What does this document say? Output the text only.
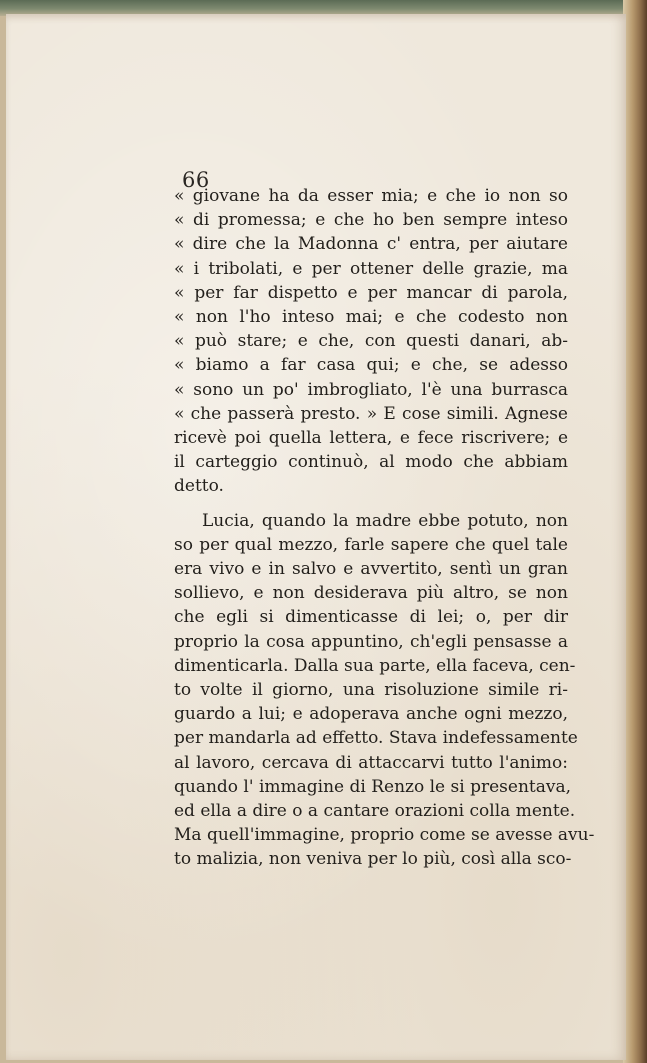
66
« giovane ha da esser mia; e che io non so
« di promessa; e che ho ben sempre inteso
« dire che la Madonna c' entra, per aiutare
« i tribolati, e per ottener delle grazie, ma
« per far dispetto e per mancar di parola,
« non l'ho inteso mai; e che codesto non
« può stare; e che, con questi danari, ab-
« biamo a far casa qui; e che, se adesso
« sono un po' imbrogliato, l'è una burrasca
« che passerà presto. » E cose simili. Agnese
ricevè poi quella lettera, e fece riscrivere; e
il carteggio continuò, al modo che abbiam
detto.
Lucia, quando la madre ebbe potuto, non
so per qual mezzo, farle sapere che quel tale
era vivo e in salvo e avvertito, sentì un gran
sollievo, e non desiderava più altro, se non
che egli si dimenticasse di lei; o, per dir
proprio la cosa appuntino, ch'egli pensasse a
dimenticarla. Dalla sua parte, ella faceva, cen-
to volte il giorno, una risoluzione simile ri-
guardo a lui; e adoperava anche ogni mezzo,
per mandarla ad effetto. Stava indefessamente
al lavoro, cercava di attaccarvi tutto l'animo:
quando l' immagine di Renzo le si presentava,
ed ella a dire o a cantare orazioni colla mente.
Ma quell'immagine, proprio come se avesse avu-
to malizia, non veniva per lo più, così alla sco-
